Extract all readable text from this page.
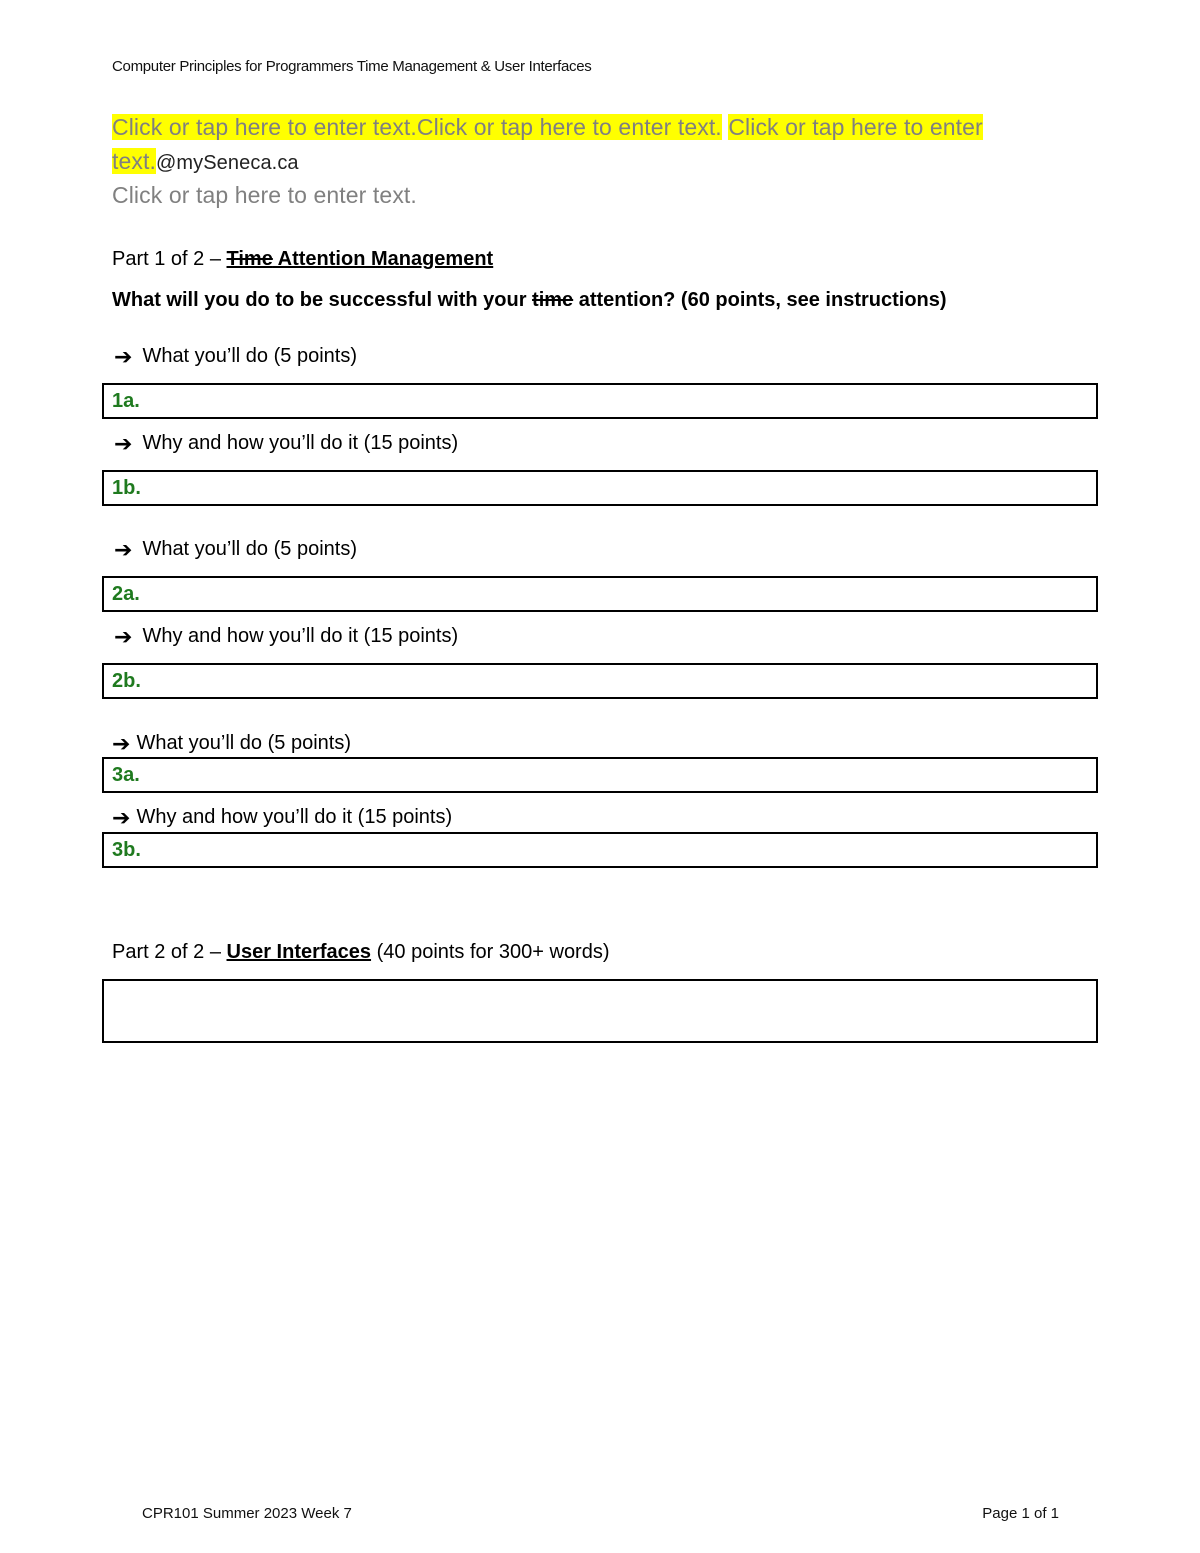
Computer Principles for Programmers Time Management & User Interfaces
Click or tap here to enter text.Click or tap here to enter text. Click or tap here to enter
text.@mySeneca.ca
Click or tap here to enter text.
Part 1 of 2 – Time Attention Management
What will you do to be successful with your time attention? (60 points, see instructions)
➔ What you’ll do (5 points)
1a.
➔ Why and how you’ll do it (15 points)
1b.
➔ What you’ll do (5 points)
2a.
➔ Why and how you’ll do it (15 points)
2b.
➔ What you’ll do (5 points)
3a.
➔ Why and how you’ll do it (15 points)
3b.
Part 2 of 2 – User Interfaces (40 points for 300+ words)
CPR101 Summer 2023 Week 7	Page 1 of 1
